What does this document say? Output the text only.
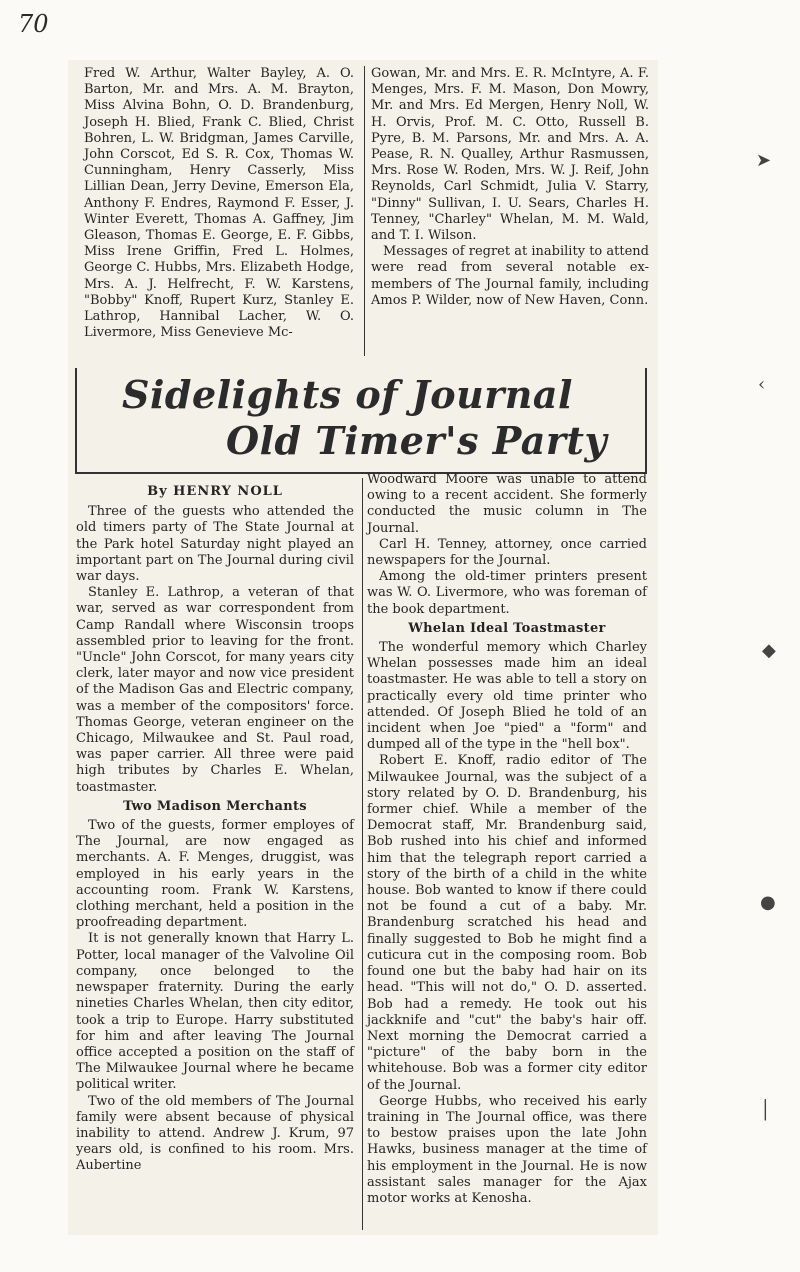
70

Fred W. Arthur, Walter Bayley, A. O. Barton, Mr. and Mrs. A. M. Brayton, Miss Alvina Bohn, O. D. Brandenburg, Joseph H. Blied, Frank C. Blied, Christ Bohren, L. W. Bridgman, James Carville, John Corscot, Ed S. R. Cox, Thomas W. Cunningham, Henry Casserly, Miss Lillian Dean, Jerry Devine, Emerson Ela, Anthony F. Endres, Raymond F. Esser, J. Winter Everett, Thomas A. Gaffney, Jim Gleason, Thomas E. George, E. F. Gibbs, Miss Irene Griffin, Fred L. Holmes, George C. Hubbs, Mrs. Elizabeth Hodge, Mrs. A. J. Helfrecht, F. W. Karstens, "Bobby" Knoff, Rupert Kurz, Stanley E. Lathrop, Hannibal Lacher, W. O. Livermore, Miss Genevieve Mc-

Gowan, Mr. and Mrs. E. R. McIntyre, A. F. Menges, Mrs. F. M. Mason, Don Mowry, Mr. and Mrs. Ed Mergen, Henry Noll, W. H. Orvis, Prof. M. C. Otto, Russell B. Pyre, B. M. Parsons, Mr. and Mrs. A. A. Pease, R. N. Qualley, Arthur Rasmussen, Mrs. Rose W. Roden, Mrs. W. J. Reif, John Reynolds, Carl Schmidt, Julia V. Starry, "Dinny" Sullivan, I. U. Sears, Charles H. Tenney, "Charley" Whelan, M. M. Wald, and T. I. Wilson.

Messages of regret at inability to attend were read from several notable ex-members of The Journal family, including Amos P. Wilder, now of New Haven, Conn.

Sidelights of Journal
Old Timer's Party
By HENRY NOLL

Three of the guests who attended the old timers party of The State Journal at the Park hotel Saturday night played an important part on The Journal during civil war days.

Stanley E. Lathrop, a veteran of that war, served as war correspondent from Camp Randall where Wisconsin troops assembled prior to leaving for the front. "Uncle" John Corscot, for many years city clerk, later mayor and now vice president of the Madison Gas and Electric company, was a member of the compositors' force. Thomas George, veteran engineer on the Chicago, Milwaukee and St. Paul road, was paper carrier. All three were paid high tributes by Charles E. Whelan, toastmaster.

Two Madison Merchants

Two of the guests, former employes of The Journal, are now engaged as merchants. A. F. Menges, druggist, was employed in his early years in the accounting room. Frank W. Karstens, clothing merchant, held a position in the proofreading department.

It is not generally known that Harry L. Potter, local manager of the Valvoline Oil company, once belonged to the newspaper fraternity. During the early nineties Charles Whelan, then city editor, took a trip to Europe. Harry substituted for him and after leaving The Journal office accepted a position on the staff of The Milwaukee Journal where he became political writer.

Two of the old members of The Journal family were absent because of physical inability to attend. Andrew J. Krum, 97 years old, is confined to his room. Mrs. Aubertine

Woodward Moore was unable to attend owing to a recent accident. She formerly conducted the music column in The Journal.

Carl H. Tenney, attorney, once carried newspapers for the Journal.

Among the old-timer printers present was W. O. Livermore, who was foreman of the book department.

Whelan Ideal Toastmaster

The wonderful memory which Charley Whelan possesses made him an ideal toastmaster. He was able to tell a story on practically every old time printer who attended. Of Joseph Blied he told of an incident when Joe "pied" a "form" and dumped all of the type in the "hell box".

Robert E. Knoff, radio editor of The Milwaukee Journal, was the subject of a story related by O. D. Brandenburg, his former chief. While a member of the Democrat staff, Mr. Brandenburg said, Bob rushed into his chief and informed him that the telegraph report carried a story of the birth of a child in the white house. Bob wanted to know if there could not be found a cut of a baby. Mr. Brandenburg scratched his head and finally suggested to Bob he might find a cuticura cut in the composing room. Bob found one but the baby had hair on its head. "This will not do," O. D. asserted. Bob had a remedy. He took out his jackknife and "cut" the baby's hair off. Next morning the Democrat carried a "picture" of the baby born in the whitehouse. Bob was a former city editor of the Journal.

George Hubbs, who received his early training in The Journal office, was there to bestow praises upon the late John Hawks, business manager at the time of his employment in the Journal. He is now assistant sales manager for the Ajax motor works at Kenosha.

➤
‹
◆
●
│
